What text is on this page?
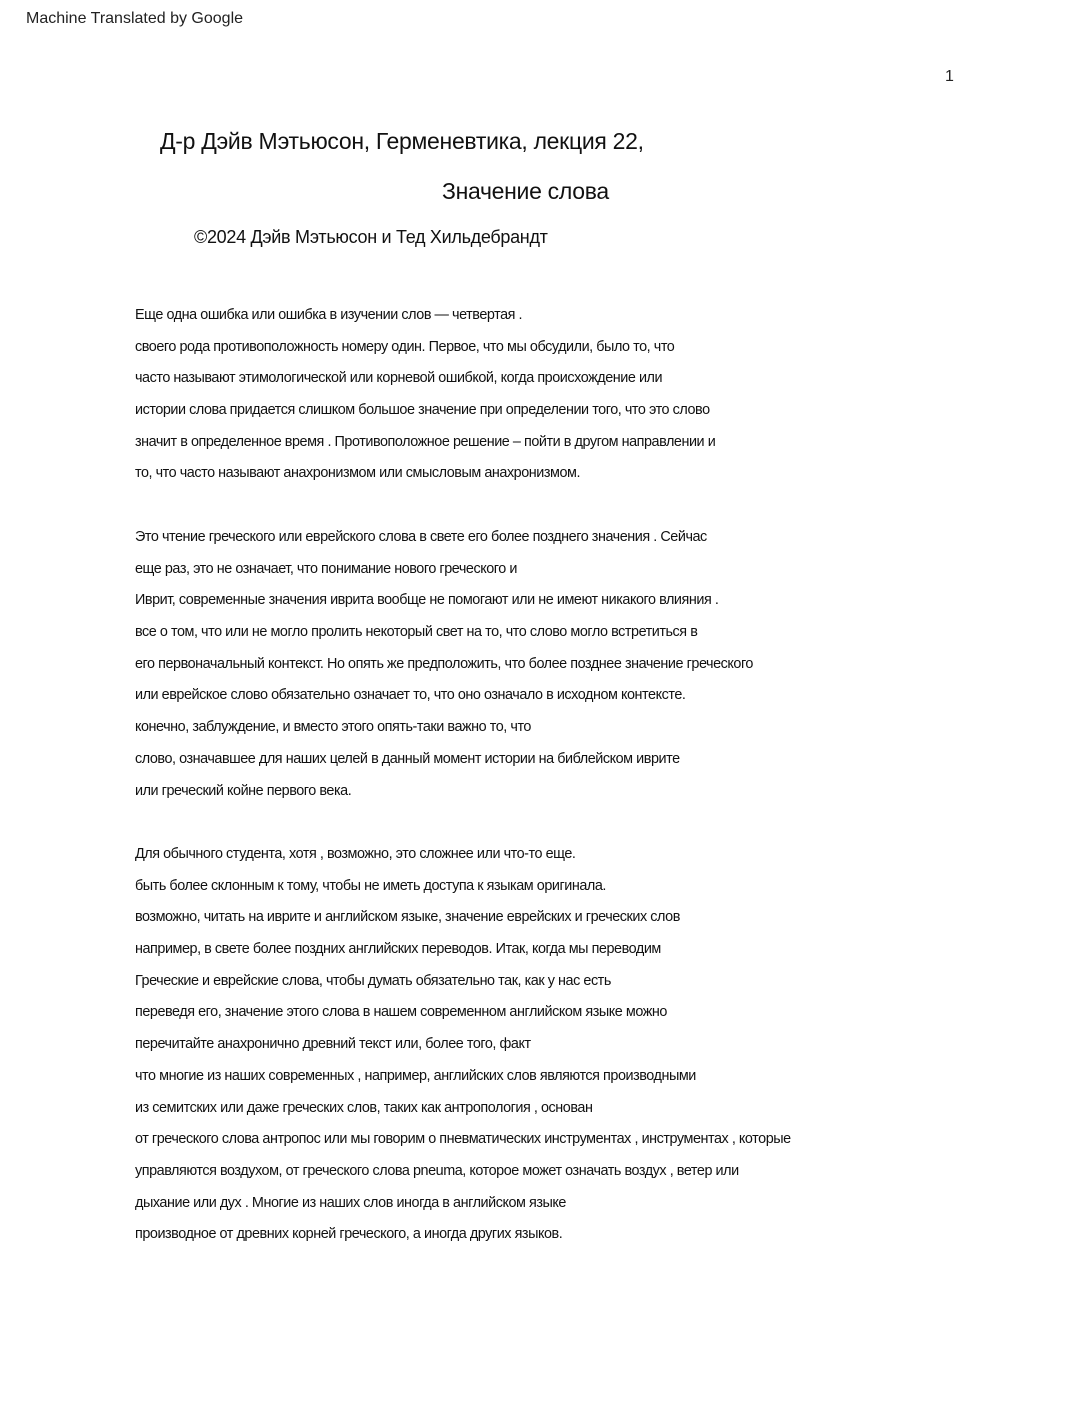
Machine Translated by Google
1
Д-р Дэйв Мэтьюсон, Герменевтика, лекция 22,
Значение слова
©2024 Дэйв Мэтьюсон и Тед Хильдебрандт
Еще одна ошибка или ошибка в изучении слов — четвертая .
своего рода противоположность номеру один. Первое, что мы обсудили, было то, что
часто называют этимологической или корневой ошибкой, когда происхождение или
истории слова придается слишком большое значение при определении того, что это слово
значит в определенное время . Противоположное решение – пойти в другом направлении и
то, что часто называют анахронизмом или смысловым анахронизмом.
Это чтение греческого или еврейского слова в свете его более позднего значения . Сейчас
еще раз, это не означает, что понимание нового греческого и
Иврит, современные значения иврита вообще не помогают или не имеют никакого влияния .
все о том, что или не могло пролить некоторый свет на то, что слово могло встретиться в
его первоначальный контекст. Но опять же предположить, что более позднее значение греческого
или еврейское слово обязательно означает то, что оно означало в исходном контексте.
конечно, заблуждение, и вместо этого опять-таки важно то, что
слово, означавшее для наших целей в данный момент истории на библейском иврите
или греческий койне первого века.
Для обычного студента, хотя , возможно, это сложнее или что-то еще.
быть более склонным к тому, чтобы не иметь доступа к языкам оригинала.
возможно, читать на иврите и английском языке, значение еврейских и греческих слов
например, в свете более поздних английских переводов. Итак, когда мы переводим
Греческие и еврейские слова, чтобы думать обязательно так, как у нас есть
переведя его, значение этого слова в нашем современном английском языке можно
перечитайте анахронично древний текст или, более того, факт
что многие из наших современных , например, английских слов являются производными
из семитских или даже греческих слов, таких как антропология , основан
от греческого слова антропос или мы говорим о пневматических инструментах , инструментах , которые
управляются воздухом, от греческого слова pneuma, которое может означать воздух , ветер или
дыхание или дух . Многие из наших слов иногда в английском языке
производное от древних корней греческого, а иногда других языков.
